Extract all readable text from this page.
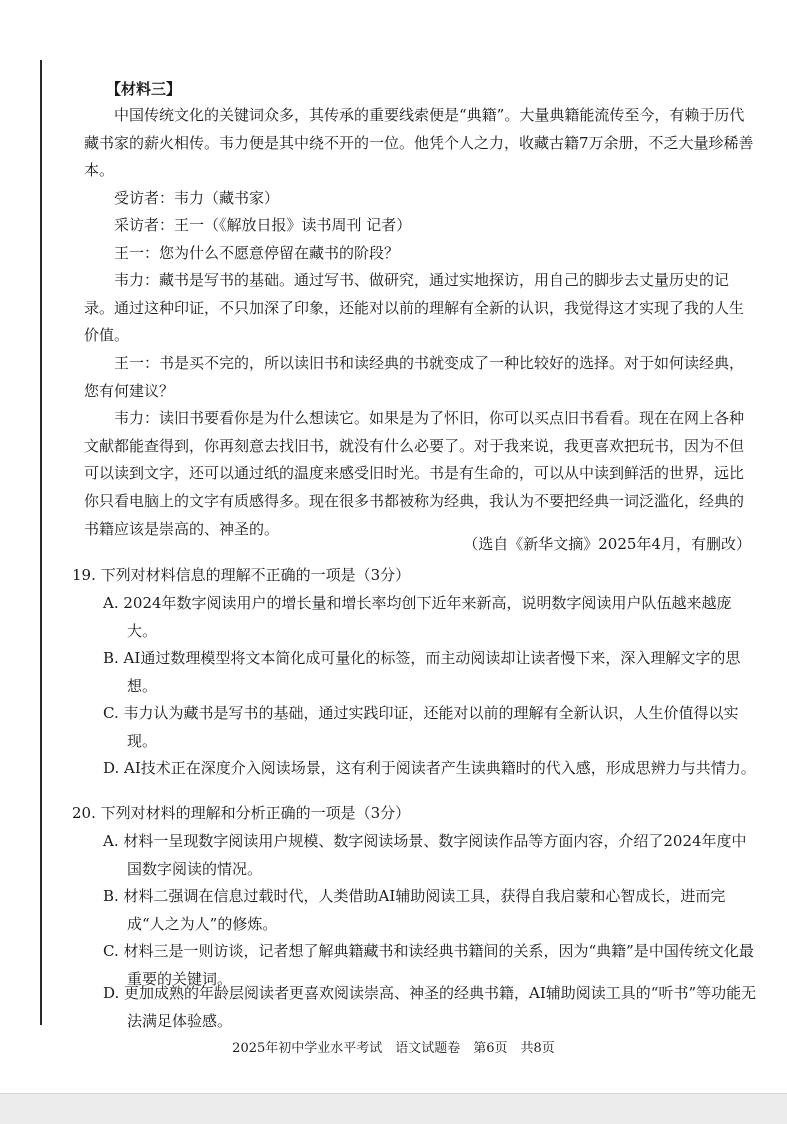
【材料三】
中国传统文化的关键词众多，其传承的重要线索便是“典籍”。大量典籍能流传至今，有赖于历代藏书家的薪火相传。韦力便是其中绕不开的一位。他凭个人之力，收藏古籍7万余册，不乏大量珍稀善本。
受访者：韦力（藏书家）
采访者：王一（《解放日报》读书周刊 记者）
王一：您为什么不愿意停留在藏书的阶段？
韦力：藏书是写书的基础。通过写书、做研究，通过实地探访，用自己的脚步去丈量历史的记录。通过这种印证，不只加深了印象，还能对以前的理解有全新的认识，我觉得这才实现了我的人生价值。
王一：书是买不完的，所以读旧书和读经典的书就变成了一种比较好的选择。对于如何读经典，您有何建议？
韦力：读旧书要看你是为什么想读它。如果是为了怀旧，你可以买点旧书看看。现在在网上各种文献都能查得到，你再刻意去找旧书，就没有什么必要了。对于我来说，我更喜欢把玩书，因为不但可以读到文字，还可以通过纸的温度来感受旧时光。书是有生命的，可以从中读到鲜活的世界，远比你只看电脑上的文字有质感得多。现在很多书都被称为经典，我认为不要把经典一词泛滥化，经典的书籍应该是崇高的、神圣的。
（选自《新华文摘》2025年4月，有删改）
19. 下列对材料信息的理解不正确的一项是（3分）
A. 2024年数字阅读用户的增长量和增长率均创下近年来新高，说明数字阅读用户队伍越来越庞大。
B. AI通过数理模型将文本简化成可量化的标签，而主动阅读却让读者慢下来，深入理解文字的思想。
C. 韦力认为藏书是写书的基础，通过实践印证，还能对以前的理解有全新认识，人生价值得以实现。
D. AI技术正在深度介入阅读场景，这有利于阅读者产生读典籍时的代入感，形成思辨力与共情力。
20. 下列对材料的理解和分析正确的一项是（3分）
A. 材料一呈现数字阅读用户规模、数字阅读场景、数字阅读作品等方面内容，介绍了2024年度中国数字阅读的情况。
B. 材料二强调在信息过载时代，人类借助AI辅助阅读工具，获得自我启蒙和心智成长，进而完成“人之为人”的修炼。
C. 材料三是一则访谈，记者想了解典籍藏书和读经典书籍间的关系，因为“典籍”是中国传统文化最重要的关键词。
D. 更加成熟的年龄层阅读者更喜欢阅读崇高、神圣的经典书籍，AI辅助阅读工具的“听书”等功能无法满足体验感。
2025年初中学业水平考试　语文试题卷　第6页　共8页
